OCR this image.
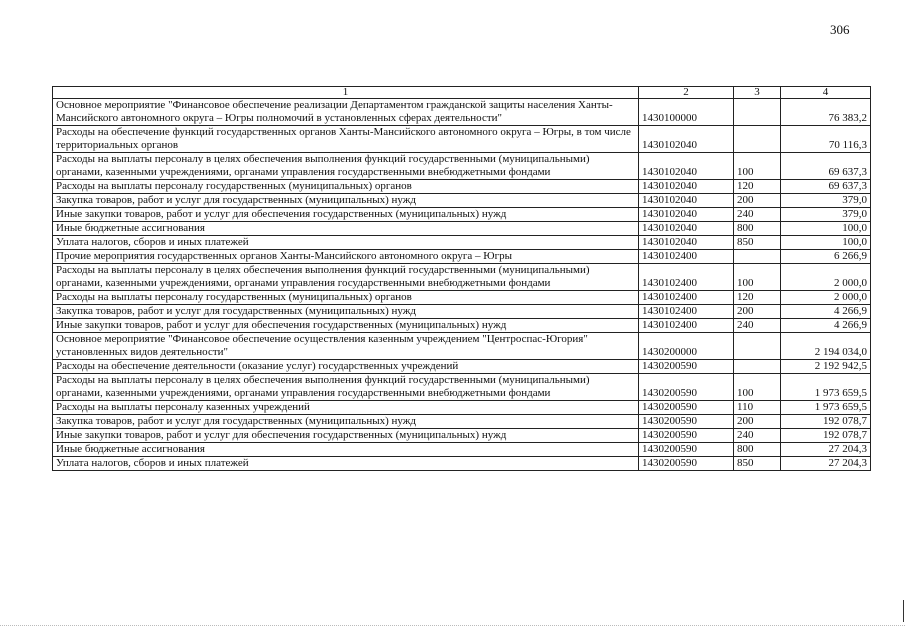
306
1	2	3	4
Основное мероприятие "Финансовое обеспечение реализации Департаментом гражданской защиты населения Ханты-Мансийского автономного округа – Югры полномочий в установленных сферах деятельности"	1430100000		76 383,2
Расходы на обеспечение функций государственных органов Ханты-Мансийского автономного округа – Югры, в том числе территориальных органов	1430102040		70 116,3
Расходы на выплаты персоналу в целях обеспечения выполнения функций государственными (муниципальными) органами, казенными учреждениями, органами управления государственными внебюджетными фондами	1430102040	100	69 637,3
Расходы на выплаты персоналу государственных (муниципальных) органов	1430102040	120	69 637,3
Закупка товаров, работ и услуг для государственных (муниципальных) нужд	1430102040	200	379,0
Иные закупки товаров, работ и услуг для обеспечения государственных (муниципальных) нужд	1430102040	240	379,0
Иные бюджетные ассигнования	1430102040	800	100,0
Уплата налогов, сборов и иных платежей	1430102040	850	100,0
Прочие мероприятия государственных органов Ханты-Мансийского автономного округа – Югры	1430102400		6 266,9
Расходы на выплаты персоналу в целях обеспечения выполнения функций государственными (муниципальными) органами, казенными учреждениями, органами управления государственными внебюджетными фондами	1430102400	100	2 000,0
Расходы на выплаты персоналу государственных (муниципальных) органов	1430102400	120	2 000,0
Закупка товаров, работ и услуг для государственных (муниципальных) нужд	1430102400	200	4 266,9
Иные закупки товаров, работ и услуг для обеспечения государственных (муниципальных) нужд	1430102400	240	4 266,9
Основное мероприятие "Финансовое обеспечение осуществления казенным учреждением "Центроспас-Югория" установленных видов деятельности"	1430200000		2 194 034,0
Расходы на обеспечение деятельности (оказание услуг) государственных учреждений	1430200590		2 192 942,5
Расходы на выплаты персоналу в целях обеспечения выполнения функций государственными (муниципальными) органами, казенными учреждениями, органами управления государственными внебюджетными фондами	1430200590	100	1 973 659,5
Расходы на выплаты персоналу казенных учреждений	1430200590	110	1 973 659,5
Закупка товаров, работ и услуг для государственных (муниципальных) нужд	1430200590	200	192 078,7
Иные закупки товаров, работ и услуг для обеспечения государственных (муниципальных) нужд	1430200590	240	192 078,7
Иные бюджетные ассигнования	1430200590	800	27 204,3
Уплата налогов, сборов и иных платежей	1430200590	850	27 204,3
